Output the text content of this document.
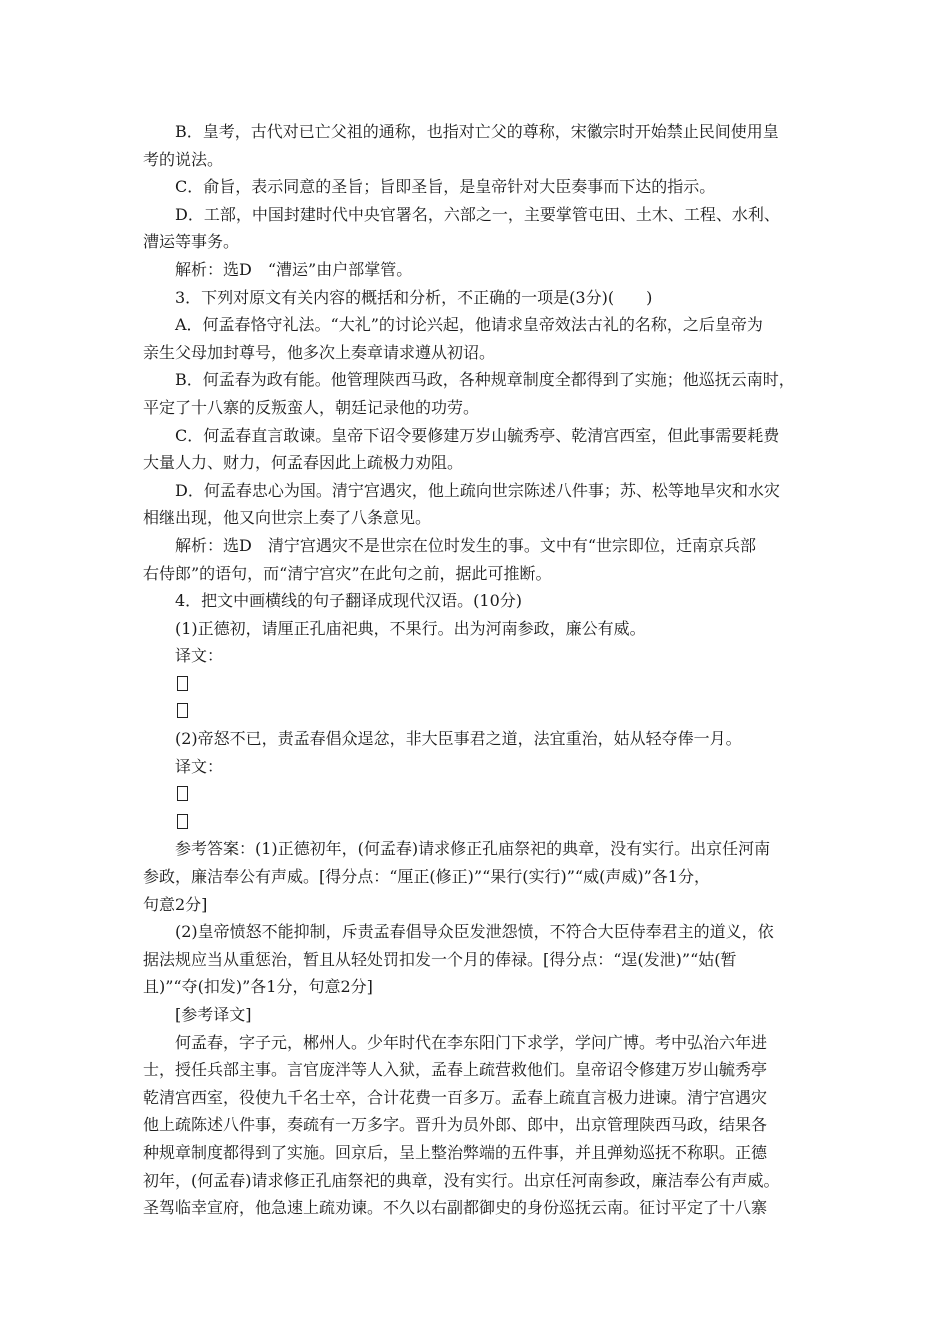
B．皇考，古代对已亡父祖的通称，也指对亡父的尊称，宋徽宗时开始禁止民间使用皇
考的说法。
C．俞旨，表示同意的圣旨；旨即圣旨，是皇帝针对大臣奏事而下达的指示。
D．工部，中国封建时代中央官署名，六部之一，主要掌管屯田、土木、工程、水利、
漕运等事务。
解析：选D　“漕运”由户部掌管。
3．下列对原文有关内容的概括和分析，不正确的一项是(3分)(　　)
A．何孟春恪守礼法。“大礼”的讨论兴起，他请求皇帝效法古礼的名称，之后皇帝为
亲生父母加封尊号，他多次上奏章请求遵从初诏。
B．何孟春为政有能。他管理陕西马政，各种规章制度全都得到了实施；他巡抚云南时，
平定了十八寨的反叛蛮人，朝廷记录他的功劳。
C．何孟春直言敢谏。皇帝下诏令要修建万岁山毓秀亭、乾清宫西室，但此事需要耗费
大量人力、财力，何孟春因此上疏极力劝阻。
D．何孟春忠心为国。清宁宫遇灾，他上疏向世宗陈述八件事；苏、松等地旱灾和水灾
相继出现，他又向世宗上奏了八条意见。
解析：选D　清宁宫遇灾不是世宗在位时发生的事。文中有“世宗即位，迁南京兵部
右侍郎”的语句，而“清宁宫灾”在此句之前，据此可推断。
4．把文中画横线的句子翻译成现代汉语。(10分)
(1)正德初，请厘正孔庙祀典，不果行。出为河南参政，廉公有威。
译文：
(2)帝怒不已，责孟春倡众逞忿，非大臣事君之道，法宜重治，姑从轻夺俸一月。
译文：
参考答案：(1)正德初年，(何孟春)请求修正孔庙祭祀的典章，没有实行。出京任河南
参政，廉洁奉公有声威。[得分点：“厘正(修正)”“果行(实行)”“威(声威)”各1分，
句意2分]
(2)皇帝愤怒不能抑制，斥责孟春倡导众臣发泄怨愤，不符合大臣侍奉君主的道义，依
据法规应当从重惩治，暂且从轻处罚扣发一个月的俸禄。[得分点：“逞(发泄)”“姑(暂
且)”“夺(扣发)”各1分，句意2分]
[参考译文]
何孟春，字子元，郴州人。少年时代在李东阳门下求学，学问广博。考中弘治六年进
士，授任兵部主事。言官庞泮等人入狱，孟春上疏营救他们。皇帝诏令修建万岁山毓秀亭
乾清宫西室，役使九千名士卒，合计花费一百多万。孟春上疏直言极力进谏。清宁宫遇灾
他上疏陈述八件事，奏疏有一万多字。晋升为员外郎、郎中，出京管理陕西马政，结果各
种规章制度都得到了实施。回京后，呈上整治弊端的五件事，并且弹劾巡抚不称职。正德
初年，(何孟春)请求修正孔庙祭祀的典章，没有实行。出京任河南参政，廉洁奉公有声威。
圣驾临幸宣府，他急速上疏劝谏。不久以右副都御史的身份巡抚云南。征讨平定了十八寨
